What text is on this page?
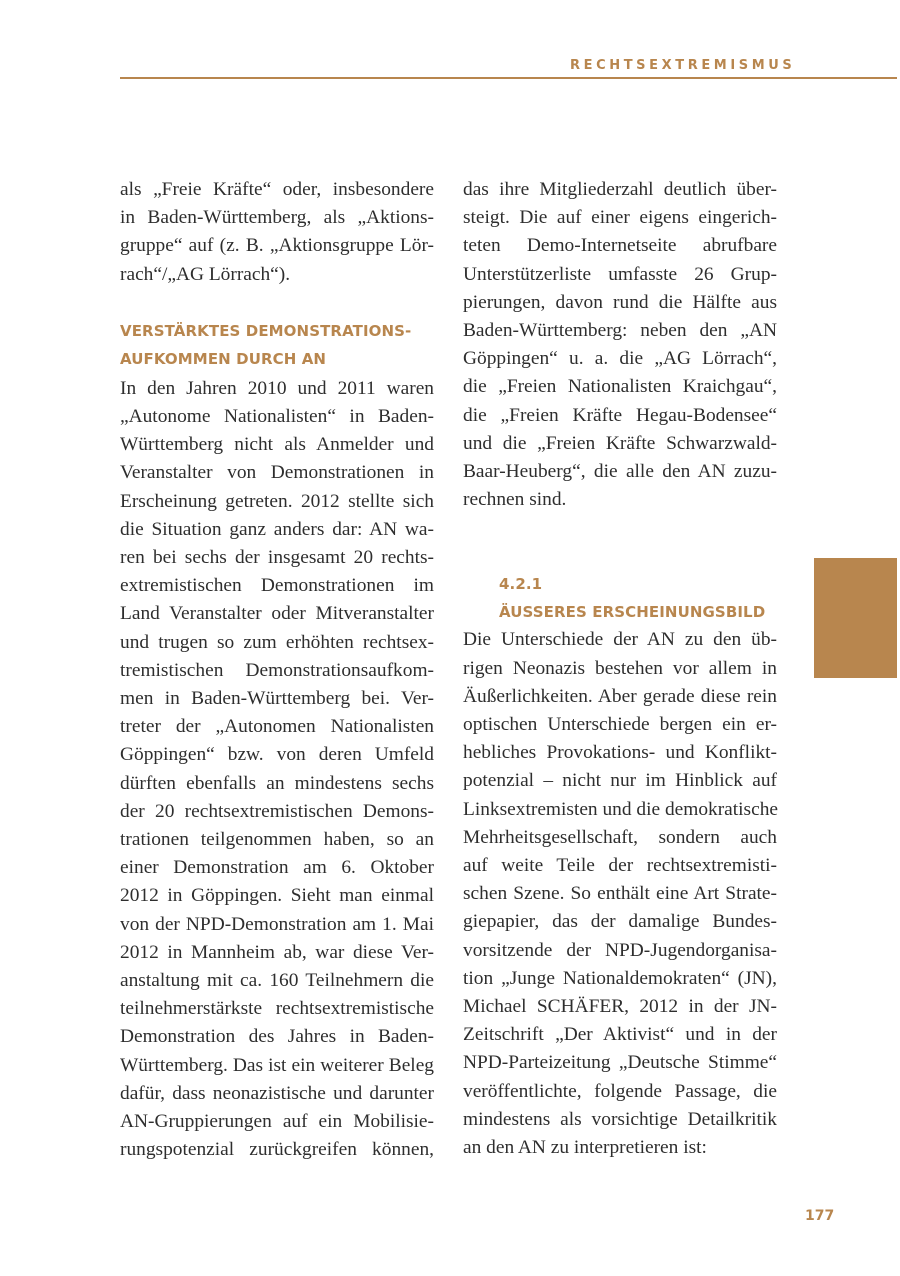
RECHTSEXTREMISMUS

als „Freie Kräfte“ oder, insbesondere
in Baden-Württemberg, als „Aktions-
gruppe“ auf (z. B. „Aktionsgruppe Lör-
rach“/„AG Lörrach“).

VERSTÄRKTES DEMONSTRATIONS-
AUFKOMMEN DURCH AN

In den Jahren 2010 und 2011 waren
„Autonome Nationalisten“ in Baden-
Württemberg nicht als Anmelder und
Veranstalter von Demonstrationen in
Erscheinung getreten. 2012 stellte sich
die Situation ganz anders dar: AN wa-
ren bei sechs der insgesamt 20 rechts-
extremistischen Demonstrationen im
Land Veranstalter oder Mitveranstalter
und trugen so zum erhöhten rechtsex-
tremistischen Demonstrationsaufkom-
men in Baden-Württemberg bei. Ver-
treter der „Autonomen Nationalisten
Göppingen“ bzw. von deren Umfeld
dürften ebenfalls an mindestens sechs
der 20 rechtsextremistischen Demons-
trationen teilgenommen haben, so an
einer Demonstration am 6. Oktober
2012 in Göppingen. Sieht man einmal
von der NPD-Demonstration am 1. Mai
2012 in Mannheim ab, war diese Ver-
anstaltung mit ca. 160 Teilnehmern die
teilnehmerstärkste rechtsextremistische
Demonstration des Jahres in Baden-
Württemberg. Das ist ein weiterer Beleg
dafür, dass neonazistische und darunter
AN-Gruppierungen auf ein Mobilisie-
rungspotenzial zurückgreifen können,

das ihre Mitgliederzahl deutlich über-
steigt. Die auf einer eigens eingerich-
teten Demo-Internetseite abrufbare
Unterstützerliste umfasste 26 Grup-
pierungen, davon rund die Hälfte aus
Baden-Württemberg: neben den „AN
Göppingen“ u. a. die „AG Lörrach“,
die „Freien Nationalisten Kraichgau“,
die „Freien Kräfte Hegau-Bodensee“
und die „Freien Kräfte Schwarzwald-
Baar-Heuberg“, die alle den AN zuzu-
rechnen sind.

4.2.1
ÄUSSERES ERSCHEINUNGSBILD

Die Unterschiede der AN zu den üb-
rigen Neonazis bestehen vor allem in
Äußerlichkeiten. Aber gerade diese rein
optischen Unterschiede bergen ein er-
hebliches Provokations- und Konflikt-
potenzial – nicht nur im Hinblick auf
Linksextremisten und die demokratische
Mehrheitsgesellschaft, sondern auch
auf weite Teile der rechtsextremisti-
schen Szene. So enthält eine Art Strate-
giepapier, das der damalige Bundes-
vorsitzende der NPD-Jugendorganisa-
tion „Junge Nationaldemokraten“ (JN),
Michael SCHÄFER, 2012 in der JN-
Zeitschrift „Der Aktivist“ und in der
NPD-Parteizeitung „Deutsche Stimme“
veröffentlichte, folgende Passage, die
mindestens als vorsichtige Detailkritik
an den AN zu interpretieren ist:

177
